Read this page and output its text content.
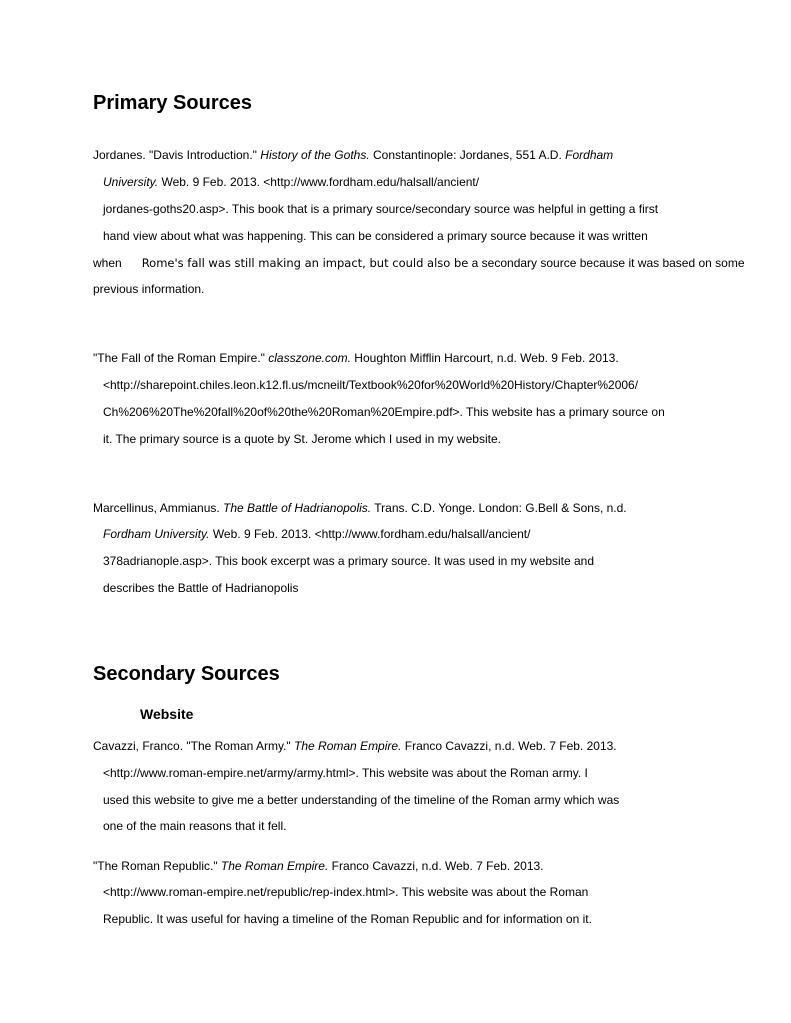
Primary Sources
Jordanes. "Davis Introduction." History of the Goths. Constantinople: Jordanes, 551 A.D. Fordham
University. Web. 9 Feb. 2013. <http://www.fordham.edu/halsall/ancient/
jordanes-goths20.asp>. This book that is a primary source/secondary source was helpful in getting a first
hand view about what was happening. This can be considered a primary source because it was written
when Rome's fall was still making an impact, but could also be a secondary source because it was based on some
previous information.
"The Fall of the Roman Empire." classzone.com. Houghton Mifflin Harcourt, n.d. Web. 9 Feb. 2013.
<http://sharepoint.chiles.leon.k12.fl.us/mcneilt/Textbook%20for%20World%20History/Chapter%2006/
Ch%206%20The%20fall%20of%20the%20Roman%20Empire.pdf>. This website has a primary source on
it. The primary source is a quote by St. Jerome which I used in my website.
Marcellinus, Ammianus. The Battle of Hadrianopolis. Trans. C.D. Yonge. London: G.Bell & Sons, n.d.
Fordham University. Web. 9 Feb. 2013. <http://www.fordham.edu/halsall/ancient/
378adrianople.asp>. This book excerpt was a primary source. It was used in my website and
describes the Battle of Hadrianopolis
Secondary Sources
Website
Cavazzi, Franco. "The Roman Army." The Roman Empire. Franco Cavazzi, n.d. Web. 7 Feb. 2013.
<http://www.roman-empire.net/army/army.html>. This website was about the Roman army. I
used this website to give me a better understanding of the timeline of the Roman army which was
one of the main reasons that it fell.
"The Roman Republic." The Roman Empire. Franco Cavazzi, n.d. Web. 7 Feb. 2013.
<http://www.roman-empire.net/republic/rep-index.html>. This website was about the Roman
Republic. It was useful for having a timeline of the Roman Republic and for information on it.
